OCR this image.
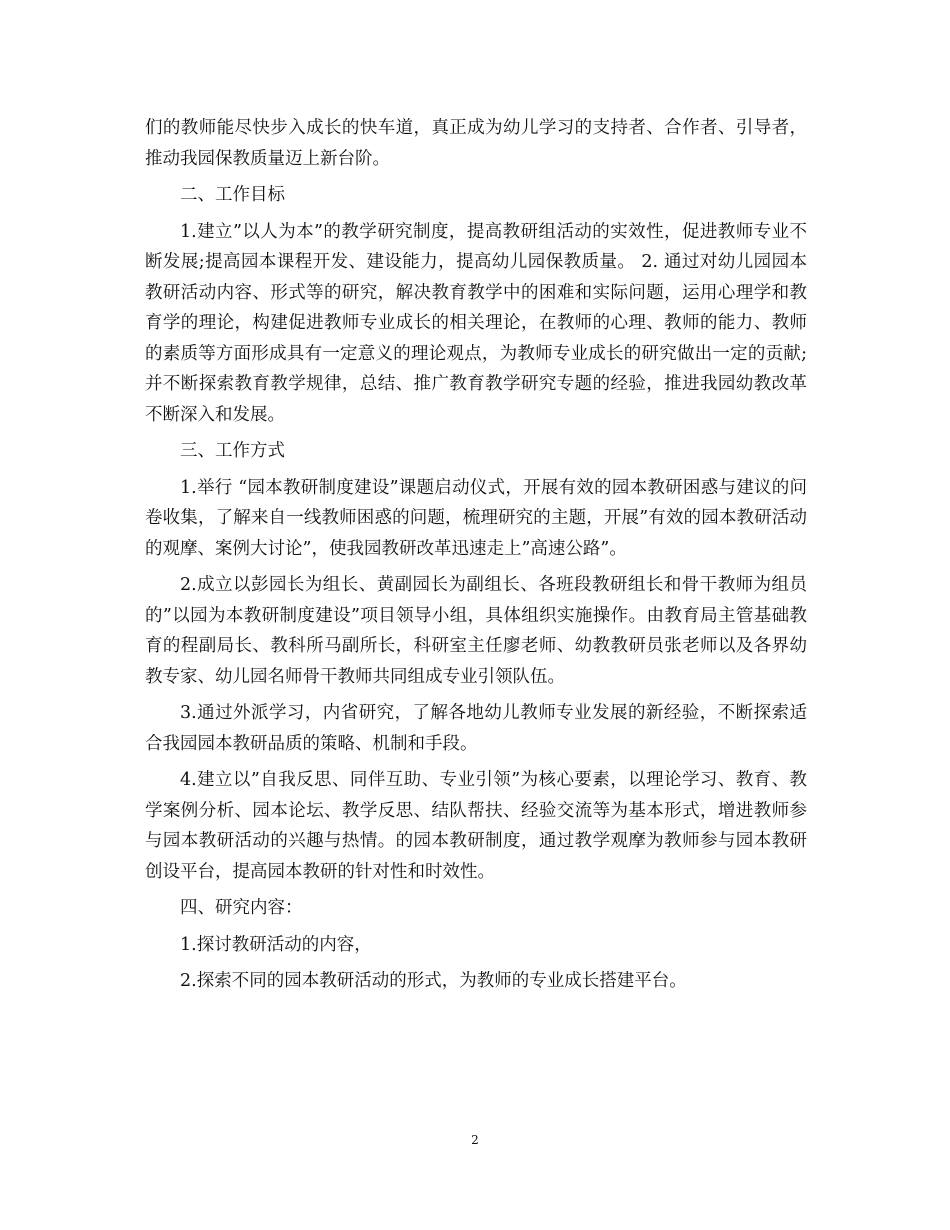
们的教师能尽快步入成长的快车道，真正成为幼儿学习的支持者、合作者、引导者，推动我园保教质量迈上新台阶。

二、工作目标

1.建立”以人为本”的教学研究制度，提高教研组活动的实效性，促进教师专业不断发展;提高园本课程开发、建设能力，提高幼儿园保教质量。 2. 通过对幼儿园园本教研活动内容、形式等的研究，解决教育教学中的困难和实际问题，运用心理学和教育学的理论，构建促进教师专业成长的相关理论，在教师的心理、教师的能力、教师的素质等方面形成具有一定意义的理论观点，为教师专业成长的研究做出一定的贡献;并不断探索教育教学规律，总结、推广教育教学研究专题的经验，推进我园幼教改革不断深入和发展。

三、工作方式

1.举行 “园本教研制度建设”课题启动仪式，开展有效的园本教研困惑与建议的问卷收集，了解来自一线教师困惑的问题，梳理研究的主题，开展”有效的园本教研活动的观摩、案例大讨论”，使我园教研改革迅速走上”高速公路”。

2.成立以彭园长为组长、黄副园长为副组长、各班段教研组长和骨干教师为组员的”以园为本教研制度建设”项目领导小组，具体组织实施操作。由教育局主管基础教育的程副局长、教科所马副所长，科研室主任廖老师、幼教教研员张老师以及各界幼教专家、幼儿园名师骨干教师共同组成专业引领队伍。

3.通过外派学习，内省研究，了解各地幼儿教师专业发展的新经验，不断探索适合我园园本教研品质的策略、机制和手段。

4.建立以”自我反思、同伴互助、专业引领”为核心要素，以理论学习、教育、教学案例分析、园本论坛、教学反思、结队帮扶、经验交流等为基本形式，增进教师参与园本教研活动的兴趣与热情。的园本教研制度，通过教学观摩为教师参与园本教研创设平台，提高园本教研的针对性和时效性。

四、研究内容：

1.探讨教研活动的内容，

2.探索不同的园本教研活动的形式，为教师的专业成长搭建平台。

2
